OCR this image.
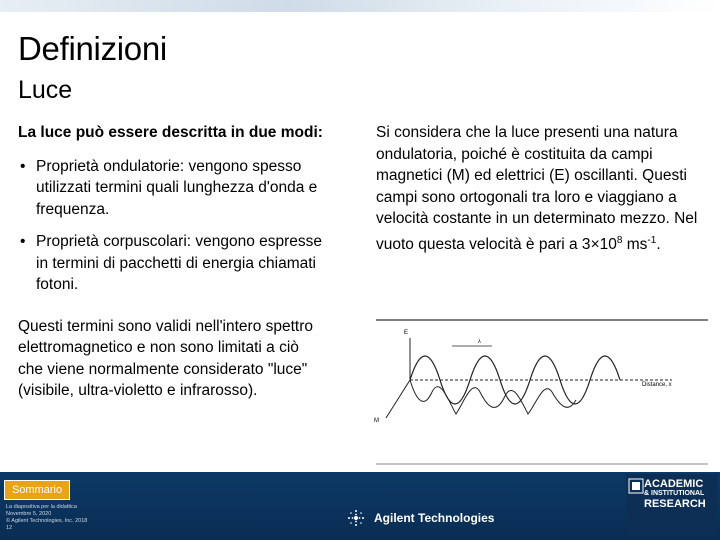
Definizioni
Luce

La luce può essere descritta in due modi:

• Proprietà ondulatorie: vengono spesso utilizzati termini quali lunghezza d'onda e frequenza.
• Proprietà corpuscolari: vengono espresse in termini di pacchetti di energia chiamati fotoni.
Questi termini sono validi nell'intero spettro elettromagnetico e non sono limitati a ciò che viene normalmente considerato "luce" (visibile, ultra-violetto e infrarosso).
Si considera che la luce presenti una natura ondulatoria, poiché è costituita da campi magnetici (M) ed elettrici (E) oscillanti. Questi campi sono ortogonali tra loro e viaggiano a velocità costante in un determinato mezzo. Nel vuoto questa velocità è pari a $3\times 10^8$ $ms^{-1}$.
E
λ
Distance, x
M
Sommario
La diapositiva per la didattica
Novembre 5, 2020
© Agilent Technologies, Inc. 2018
12
Agilent Technologies
ACADEMIC
& INSTITUTIONAL
RESEARCH
